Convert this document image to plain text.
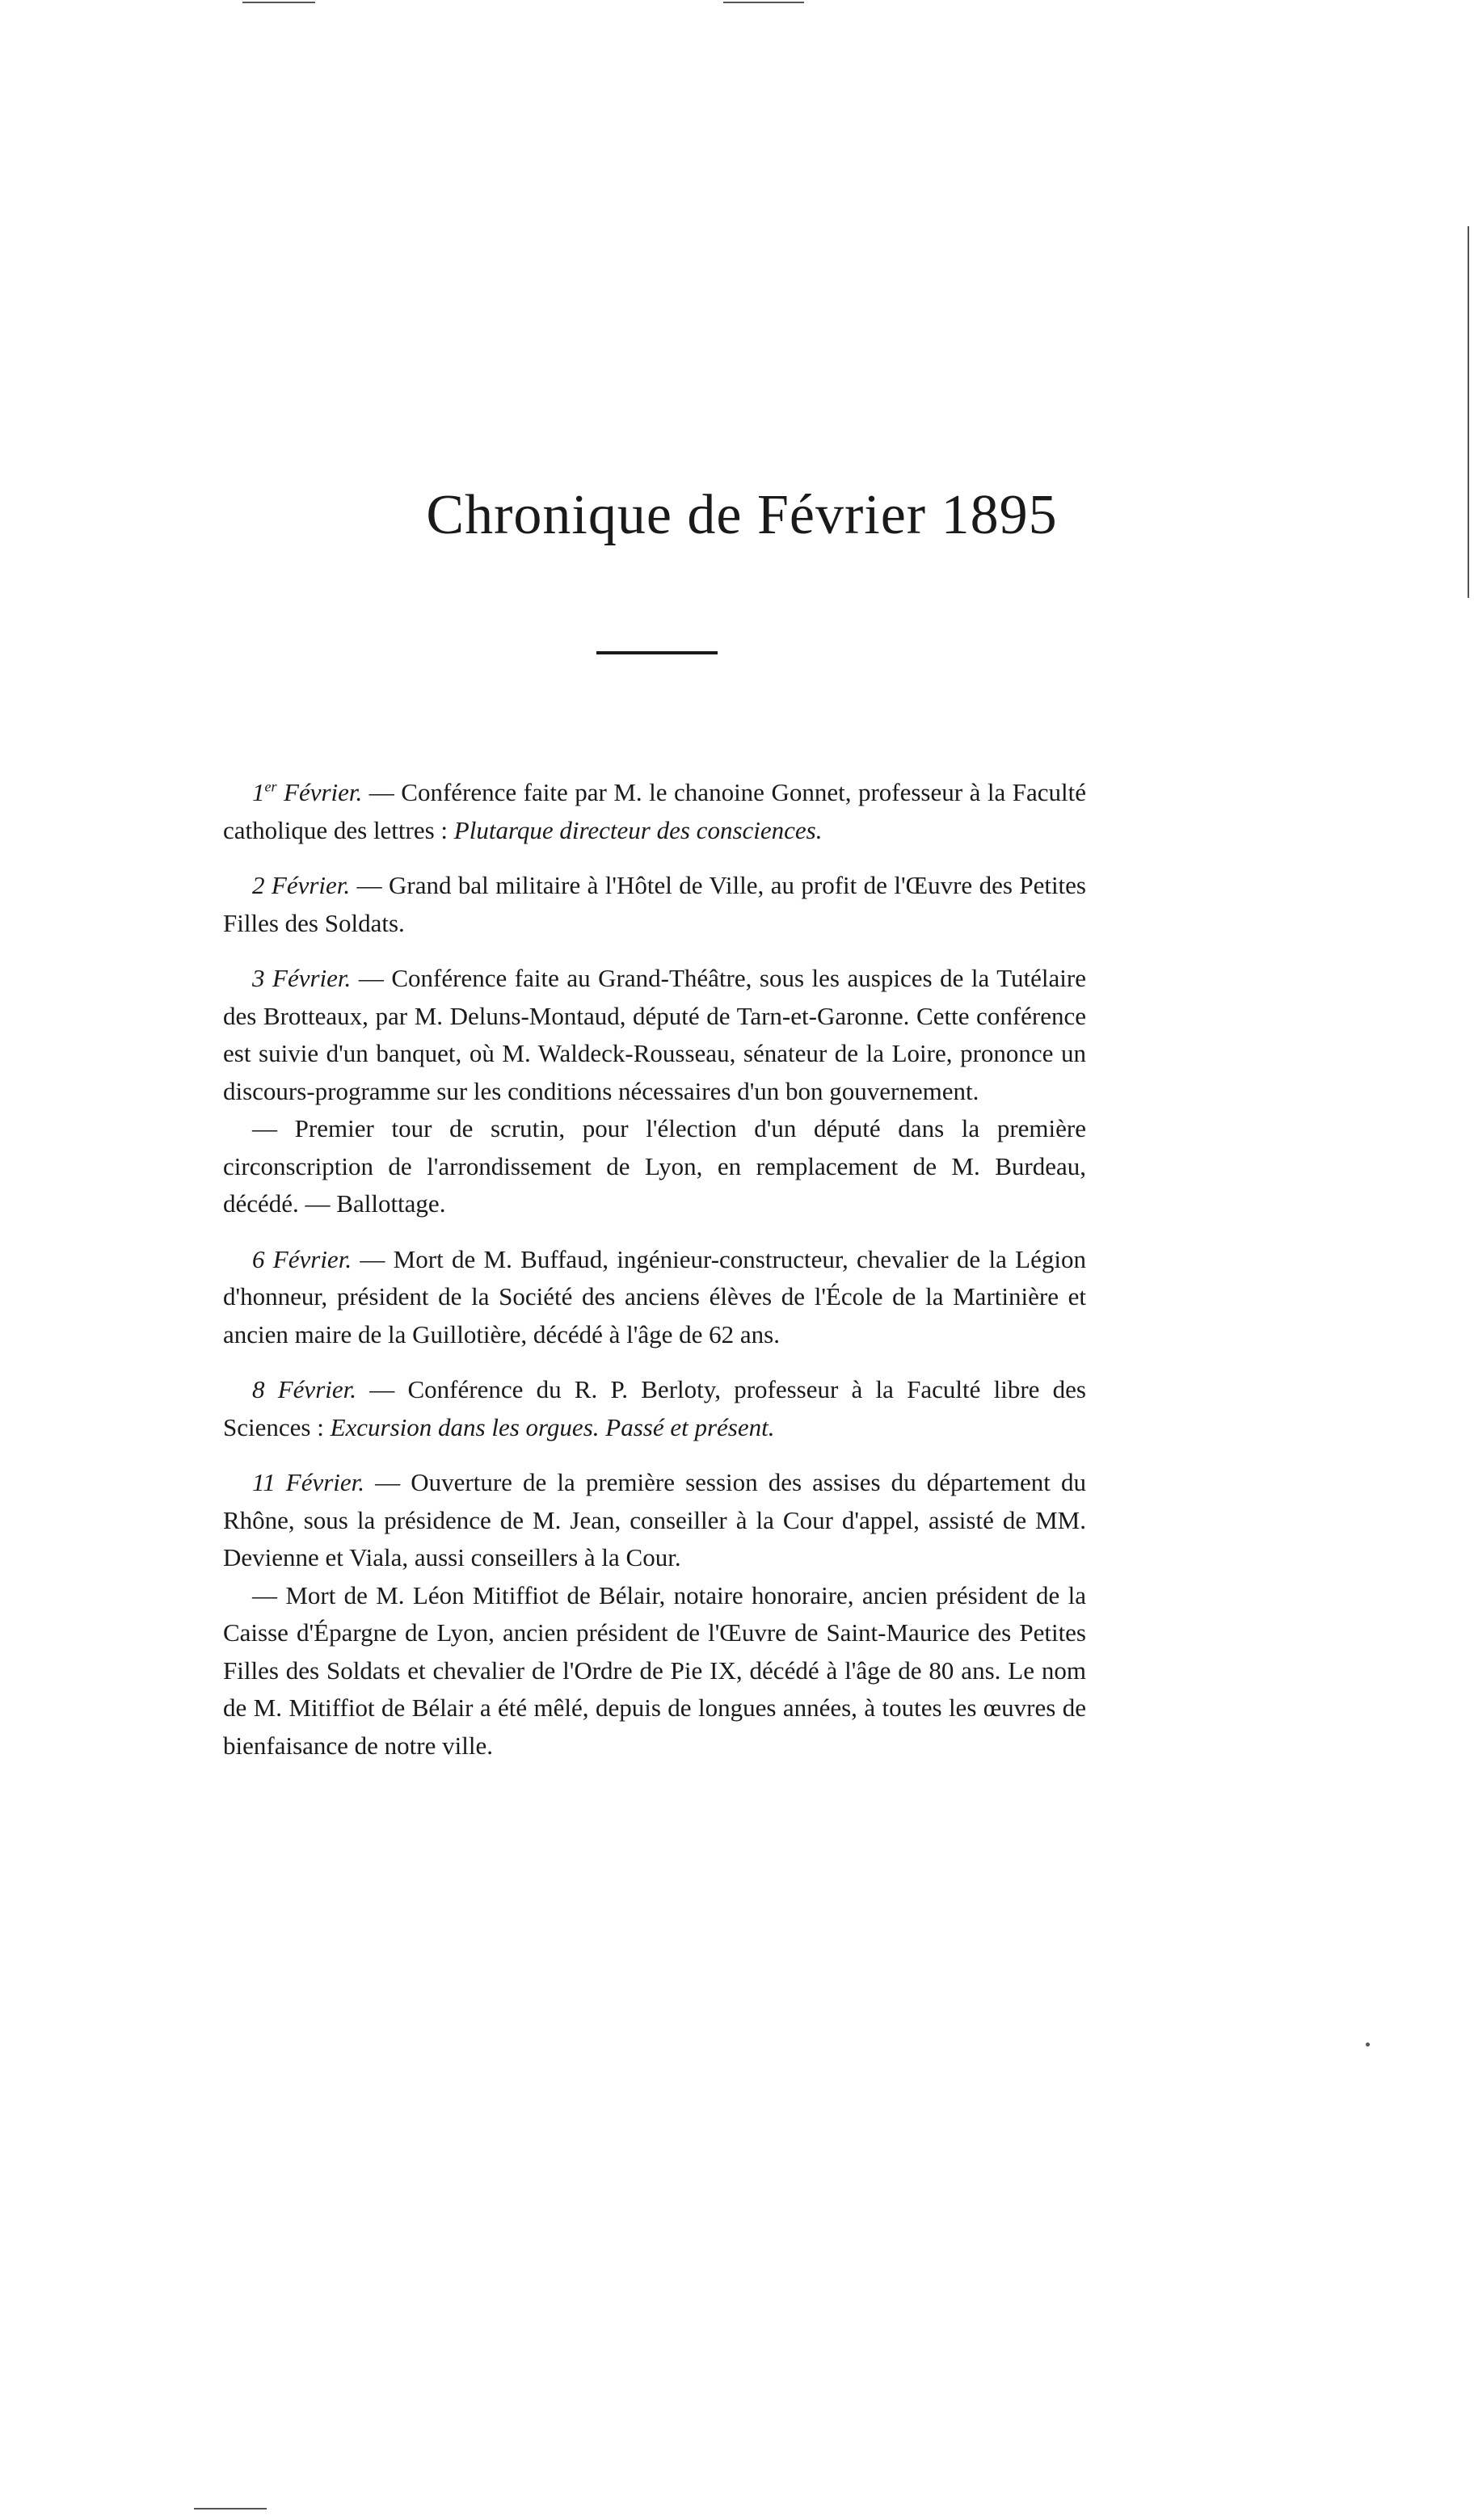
Chronique de Février 1895

1er Février. — Conférence faite par M. le chanoine Gonnet, professeur à la Faculté catholique des lettres : Plutarque directeur des consciences.

2 Février. — Grand bal militaire à l'Hôtel de Ville, au profit de l'Œuvre des Petites Filles des Soldats.

3 Février. — Conférence faite au Grand-Théâtre, sous les auspices de la Tutélaire des Brotteaux, par M. Deluns-Montaud, député de Tarn-et-Garonne. Cette conférence est suivie d'un banquet, où M. Waldeck-Rousseau, sénateur de la Loire, prononce un discours-programme sur les conditions nécessaires d'un bon gouvernement.

— Premier tour de scrutin, pour l'élection d'un député dans la première circonscription de l'arrondissement de Lyon, en remplacement de M. Burdeau, décédé. — Ballottage.

6 Février. — Mort de M. Buffaud, ingénieur-constructeur, chevalier de la Légion d'honneur, président de la Société des anciens élèves de l'École de la Martinière et ancien maire de la Guillotière, décédé à l'âge de 62 ans.

8 Février. — Conférence du R. P. Berloty, professeur à la Faculté libre des Sciences : Excursion dans les orgues. Passé et présent.

11 Février. — Ouverture de la première session des assises du département du Rhône, sous la présidence de M. Jean, conseiller à la Cour d'appel, assisté de MM. Devienne et Viala, aussi conseillers à la Cour.

— Mort de M. Léon Mitiffiot de Bélair, notaire honoraire, ancien président de la Caisse d'Épargne de Lyon, ancien président de l'Œuvre de Saint-Maurice des Petites Filles des Soldats et chevalier de l'Ordre de Pie IX, décédé à l'âge de 80 ans. Le nom de M. Mitiffiot de Bélair a été mêlé, depuis de longues années, à toutes les œuvres de bienfaisance de notre ville.
